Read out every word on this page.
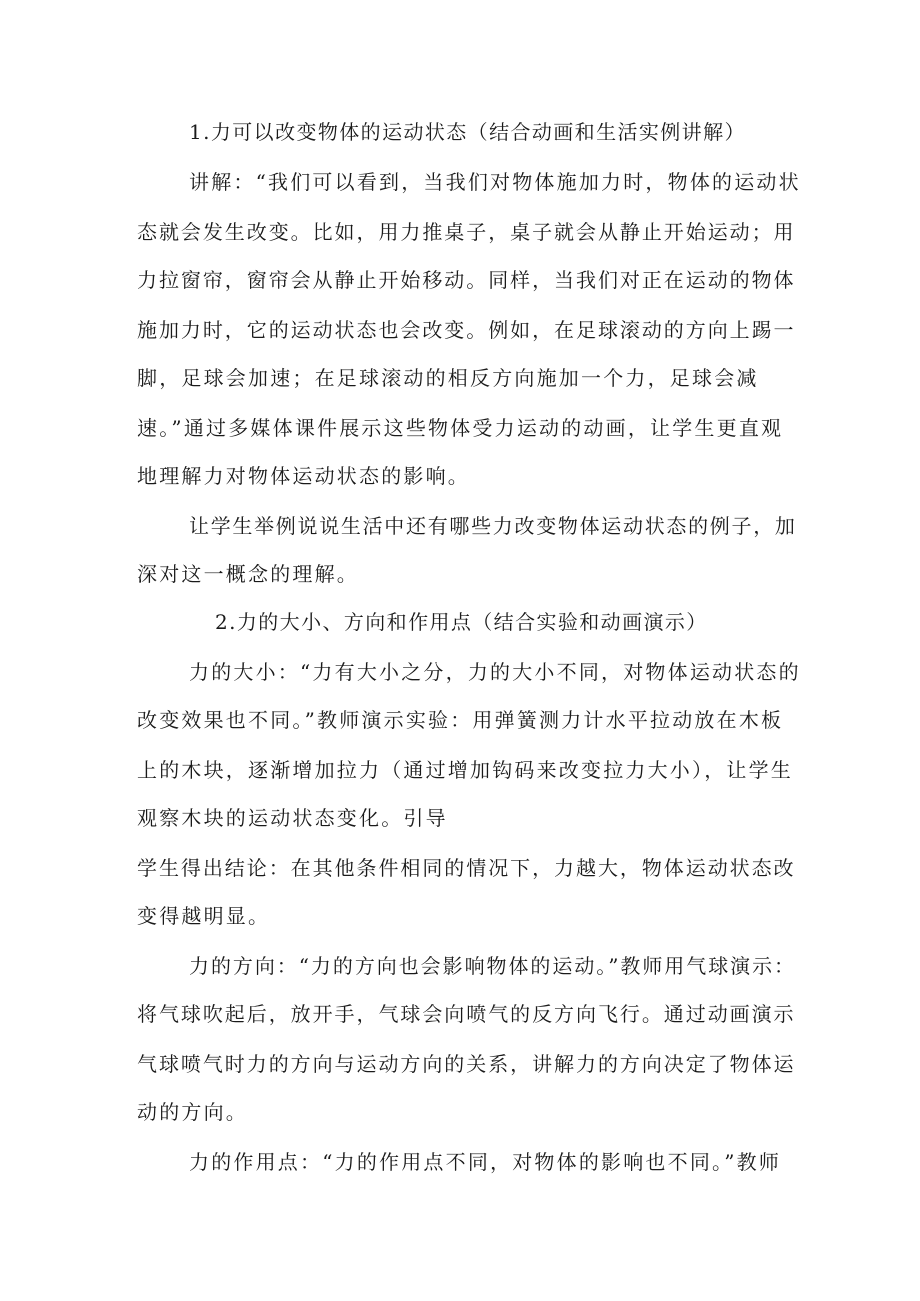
1.力可以改变物体的运动状态（结合动画和生活实例讲解）

讲解：“我们可以看到，当我们对物体施加力时，物体的运动状

态就会发生改变。比如，用力推桌子，桌子就会从静止开始运动；用

力拉窗帘，窗帘会从静止开始移动。同样，当我们对正在运动的物体

施加力时，它的运动状态也会改变。例如，在足球滚动的方向上踢一

脚，足球会加速；在足球滚动的相反方向施加一个力，足球会减

速。”通过多媒体课件展示这些物体受力运动的动画，让学生更直观

地理解力对物体运动状态的影响。

让学生举例说说生活中还有哪些力改变物体运动状态的例子，加

深对这一概念的理解。

2.力的大小、方向和作用点（结合实验和动画演示）

力的大小：“力有大小之分，力的大小不同，对物体运动状态的

改变效果也不同。”教师演示实验：用弹簧测力计水平拉动放在木板

上的木块，逐渐增加拉力（通过增加钩码来改变拉力大小），让学生

观察木块的运动状态变化。引导

学生得出结论：在其他条件相同的情况下，力越大，物体运动状态改

变得越明显。

力的方向：“力的方向也会影响物体的运动。”教师用气球演示：

将气球吹起后，放开手，气球会向喷气的反方向飞行。通过动画演示

气球喷气时力的方向与运动方向的关系，讲解力的方向决定了物体运

动的方向。

力的作用点：“力的作用点不同，对物体的影响也不同。”教师
